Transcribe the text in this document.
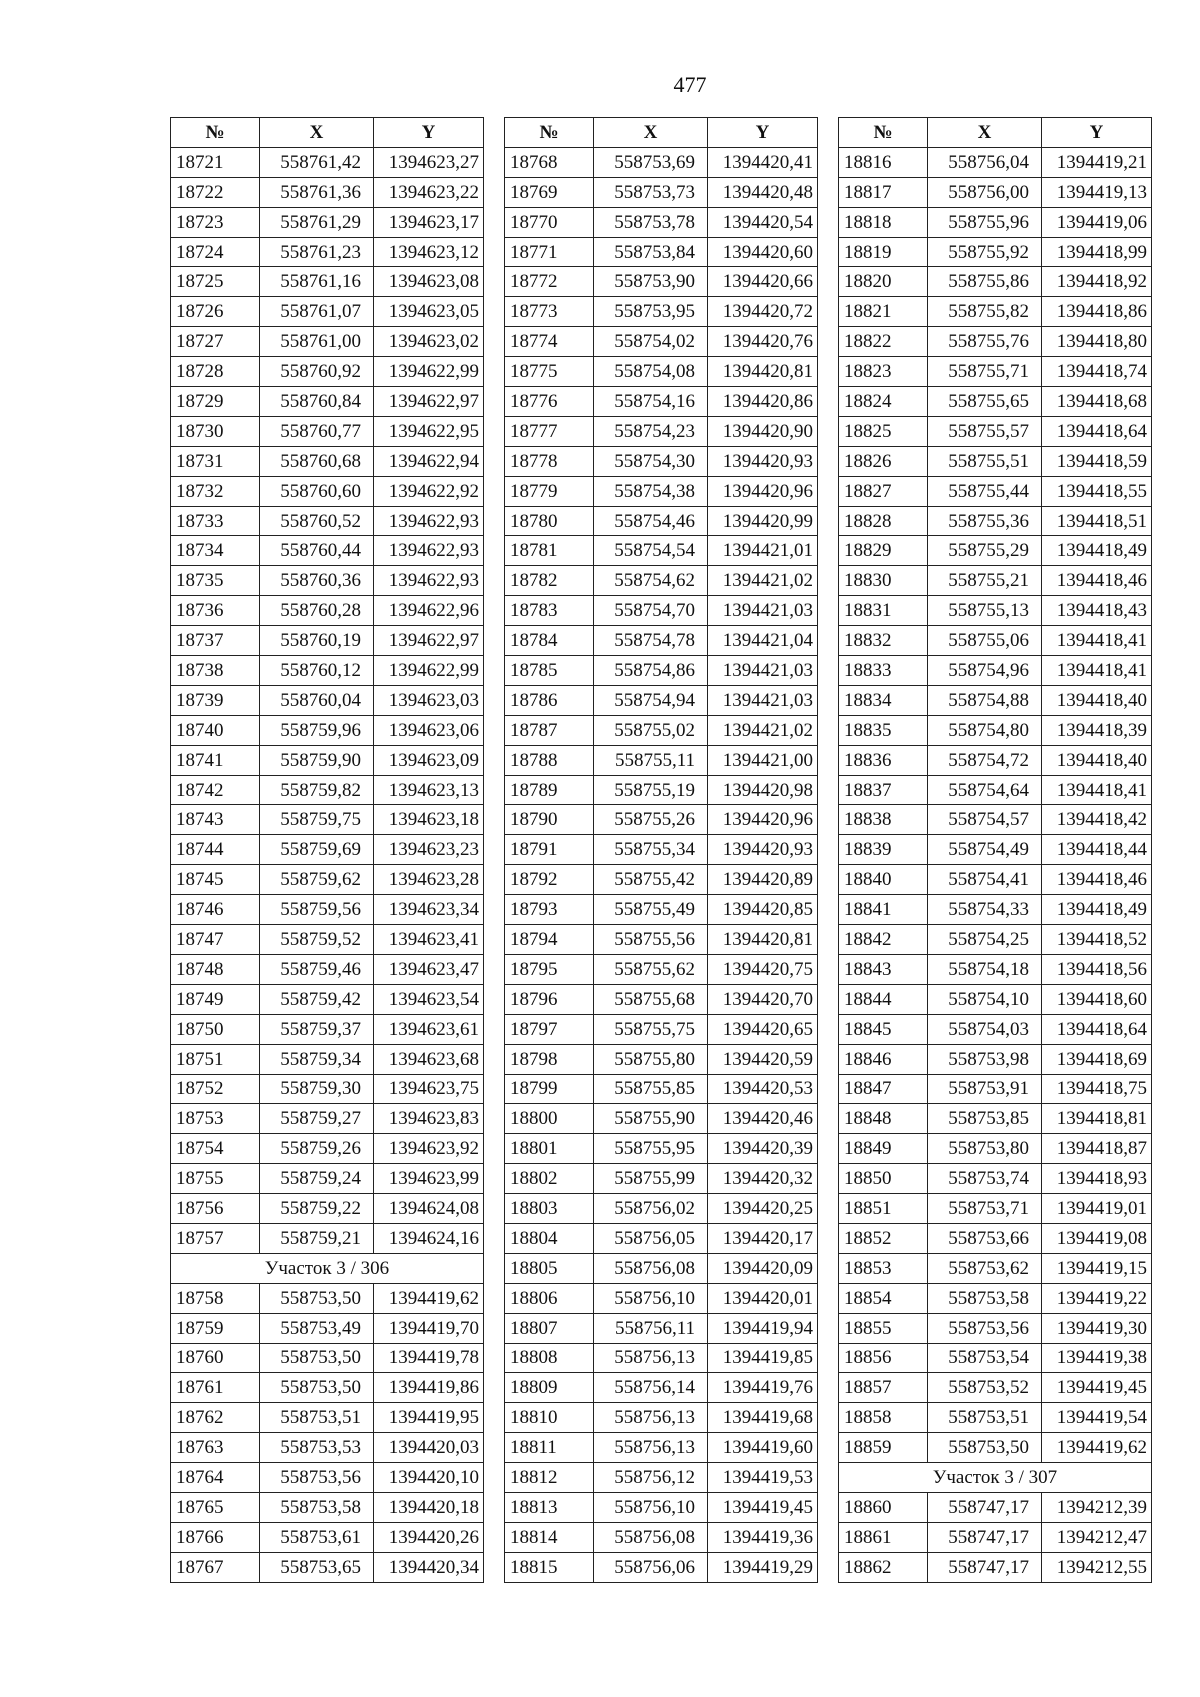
477
№	X	Y
18721	558761,42	1394623,27
18722	558761,36	1394623,22
18723	558761,29	1394623,17
18724	558761,23	1394623,12
18725	558761,16	1394623,08
18726	558761,07	1394623,05
18727	558761,00	1394623,02
18728	558760,92	1394622,99
18729	558760,84	1394622,97
18730	558760,77	1394622,95
18731	558760,68	1394622,94
18732	558760,60	1394622,92
18733	558760,52	1394622,93
18734	558760,44	1394622,93
18735	558760,36	1394622,93
18736	558760,28	1394622,96
18737	558760,19	1394622,97
18738	558760,12	1394622,99
18739	558760,04	1394623,03
18740	558759,96	1394623,06
18741	558759,90	1394623,09
18742	558759,82	1394623,13
18743	558759,75	1394623,18
18744	558759,69	1394623,23
18745	558759,62	1394623,28
18746	558759,56	1394623,34
18747	558759,52	1394623,41
18748	558759,46	1394623,47
18749	558759,42	1394623,54
18750	558759,37	1394623,61
18751	558759,34	1394623,68
18752	558759,30	1394623,75
18753	558759,27	1394623,83
18754	558759,26	1394623,92
18755	558759,24	1394623,99
18756	558759,22	1394624,08
18757	558759,21	1394624,16
Участок 3 / 306		
18758	558753,50	1394419,62
18759	558753,49	1394419,70
18760	558753,50	1394419,78
18761	558753,50	1394419,86
18762	558753,51	1394419,95
18763	558753,53	1394420,03
18764	558753,56	1394420,10
18765	558753,58	1394420,18
18766	558753,61	1394420,26
18767	558753,65	1394420,34
№	X	Y
18768	558753,69	1394420,41
18769	558753,73	1394420,48
18770	558753,78	1394420,54
18771	558753,84	1394420,60
18772	558753,90	1394420,66
18773	558753,95	1394420,72
18774	558754,02	1394420,76
18775	558754,08	1394420,81
18776	558754,16	1394420,86
18777	558754,23	1394420,90
18778	558754,30	1394420,93
18779	558754,38	1394420,96
18780	558754,46	1394420,99
18781	558754,54	1394421,01
18782	558754,62	1394421,02
18783	558754,70	1394421,03
18784	558754,78	1394421,04
18785	558754,86	1394421,03
18786	558754,94	1394421,03
18787	558755,02	1394421,02
18788	558755,11	1394421,00
18789	558755,19	1394420,98
18790	558755,26	1394420,96
18791	558755,34	1394420,93
18792	558755,42	1394420,89
18793	558755,49	1394420,85
18794	558755,56	1394420,81
18795	558755,62	1394420,75
18796	558755,68	1394420,70
18797	558755,75	1394420,65
18798	558755,80	1394420,59
18799	558755,85	1394420,53
18800	558755,90	1394420,46
18801	558755,95	1394420,39
18802	558755,99	1394420,32
18803	558756,02	1394420,25
18804	558756,05	1394420,17
18805	558756,08	1394420,09
18806	558756,10	1394420,01
18807	558756,11	1394419,94
18808	558756,13	1394419,85
18809	558756,14	1394419,76
18810	558756,13	1394419,68
18811	558756,13	1394419,60
18812	558756,12	1394419,53
18813	558756,10	1394419,45
18814	558756,08	1394419,36
18815	558756,06	1394419,29
№	X	Y
18816	558756,04	1394419,21
18817	558756,00	1394419,13
18818	558755,96	1394419,06
18819	558755,92	1394418,99
18820	558755,86	1394418,92
18821	558755,82	1394418,86
18822	558755,76	1394418,80
18823	558755,71	1394418,74
18824	558755,65	1394418,68
18825	558755,57	1394418,64
18826	558755,51	1394418,59
18827	558755,44	1394418,55
18828	558755,36	1394418,51
18829	558755,29	1394418,49
18830	558755,21	1394418,46
18831	558755,13	1394418,43
18832	558755,06	1394418,41
18833	558754,96	1394418,41
18834	558754,88	1394418,40
18835	558754,80	1394418,39
18836	558754,72	1394418,40
18837	558754,64	1394418,41
18838	558754,57	1394418,42
18839	558754,49	1394418,44
18840	558754,41	1394418,46
18841	558754,33	1394418,49
18842	558754,25	1394418,52
18843	558754,18	1394418,56
18844	558754,10	1394418,60
18845	558754,03	1394418,64
18846	558753,98	1394418,69
18847	558753,91	1394418,75
18848	558753,85	1394418,81
18849	558753,80	1394418,87
18850	558753,74	1394418,93
18851	558753,71	1394419,01
18852	558753,66	1394419,08
18853	558753,62	1394419,15
18854	558753,58	1394419,22
18855	558753,56	1394419,30
18856	558753,54	1394419,38
18857	558753,52	1394419,45
18858	558753,51	1394419,54
18859	558753,50	1394419,62
Участок 3 / 307		
18860	558747,17	1394212,39
18861	558747,17	1394212,47
18862	558747,17	1394212,55
